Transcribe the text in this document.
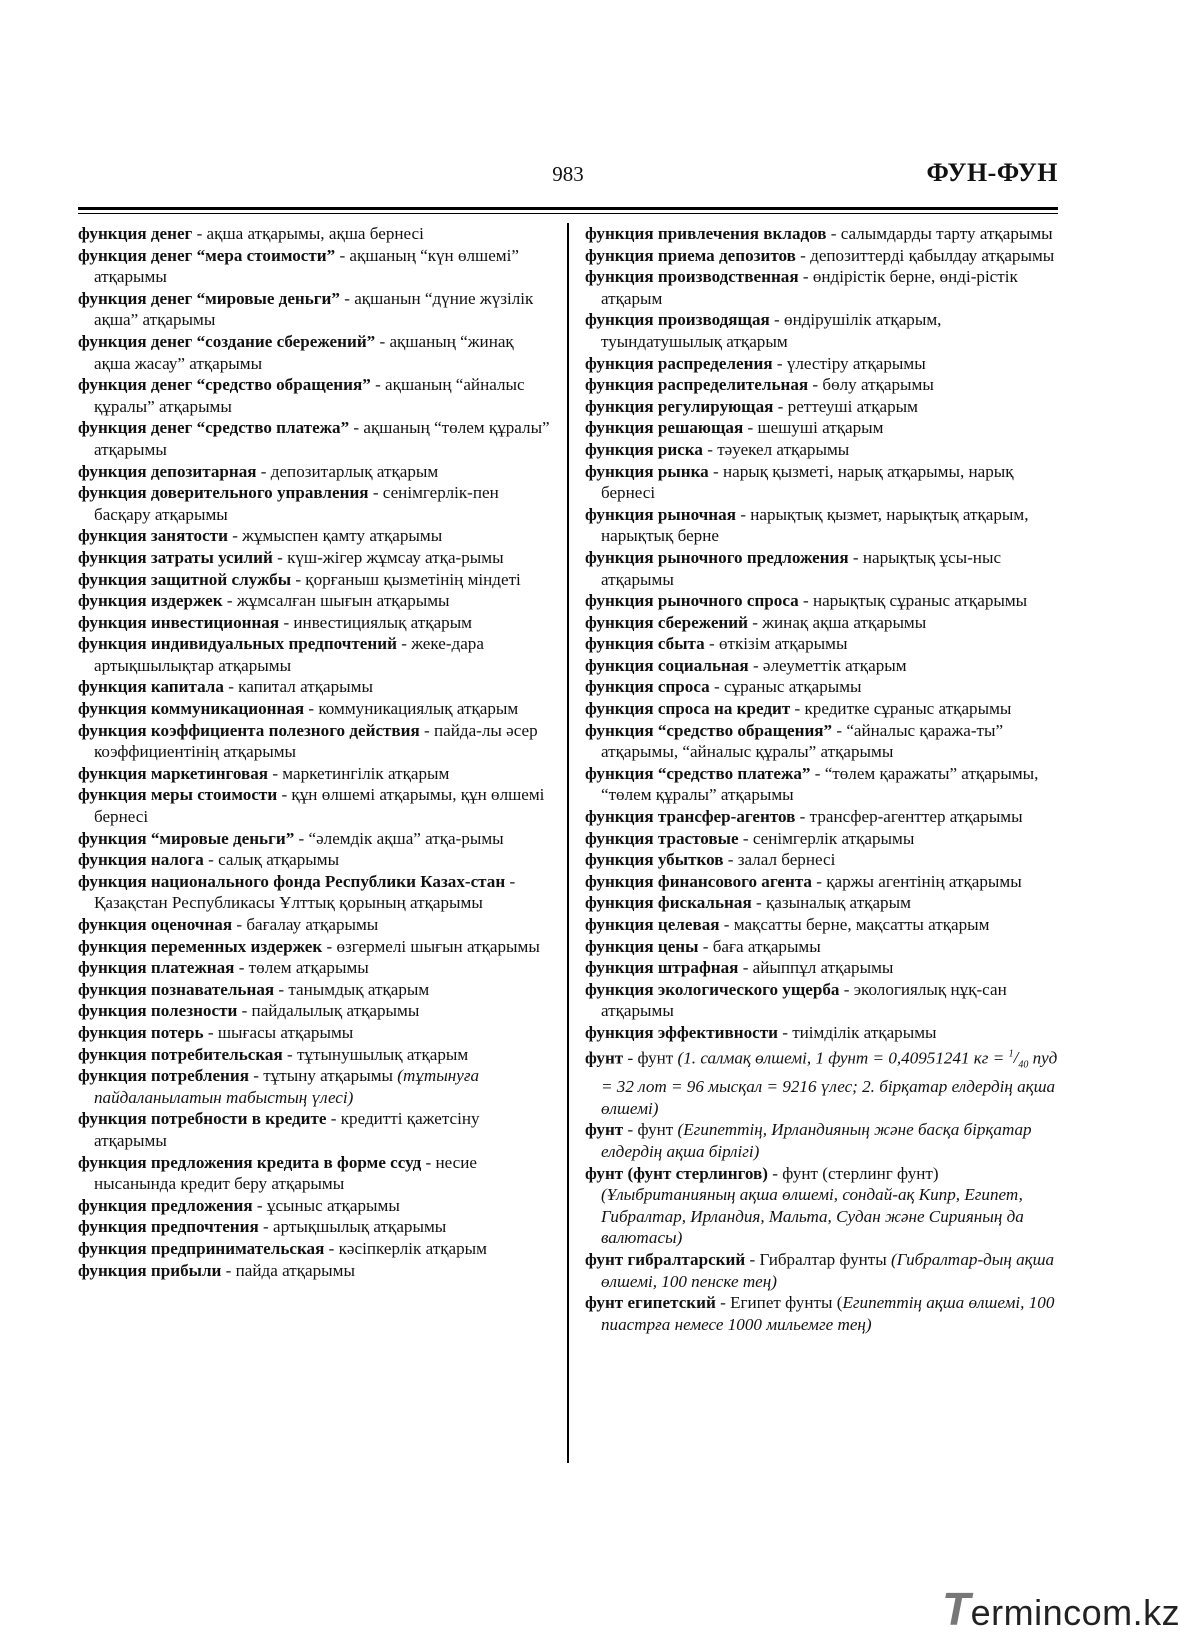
983	ФУН-ФУН

функция денег - ақша атқарымы, ақша бернесі

функция денег “мера стоимости” - ақшаның “күн өлшемі” атқарымы

функция денег “мировые деньги” - ақшанын “дүние жүзілік ақша” атқарымы

функция денег “создание сбережений” - ақшаның “жинақ ақша жасау” атқарымы

функция денег “средство обращения” - ақшаның “айналыс құралы” атқарымы

функция денег “средство платежа” - ақшаның “төлем құралы” атқарымы

функция депозитарная - депозитарлық атқарым

функция доверительного управления - сенімгерлік-пен басқару атқарымы

функция занятости - жұмыспен қамту атқарымы

функция затраты усилий - күш-жігер жұмсау атқа-рымы

функция защитной службы - қорғаныш қызметінің міндеті

функция издержек - жұмсалған шығын атқарымы

функция инвестиционная - инвестициялық атқарым

функция индивидуальных предпочтений - жеке-дара артықшылықтар атқарымы

функция капитала - капитал атқарымы

функция коммуникационная - коммуникациялық атқарым

функция коэффициента полезного действия - пайда-лы әсер коэффициентінің атқарымы

функция маркетинговая - маркетингілік атқарым

функция меры стоимости - құн өлшемі атқарымы, құн өлшемі бернесі

функция “мировые деньги” - “әлемдік ақша” атқа-рымы

функция налога - салық атқарымы

функция национального фонда Республики Казах-стан - Қазақстан Республикасы Ұлттық қорының атқарымы

функция оценочная - бағалау атқарымы

функция переменных издержек - өзгермелі шығын атқарымы

функция платежная - төлем атқарымы

функция познавательная - танымдық атқарым

функция полезности - пайдалылық атқарымы

функция потерь - шығасы атқарымы

функция потребительская - тұтынушылық атқарым

функция потребления - тұтыну атқарымы (тұтынуға пайдаланылатын табыстың үлесі)

функция потребности в кредите - кредитті қажетсіну атқарымы

функция предложения кредита в форме ссуд - несие нысанында кредит беру атқарымы

функция предложения - ұсыныс атқарымы

функция предпочтения - артықшылық атқарымы

функция предпринимательская - кәсіпкерлік атқарым

функция прибыли - пайда атқарымы

функция привлечения вкладов - салымдарды тарту атқарымы

функция приема депозитов - депозиттерді қабылдау атқарымы

функция производственная - өндірістік берне, өнді-рістік атқарым

функция производящая - өндірушілік атқарым, туындатушылық атқарым

функция распределения - үлестіру атқарымы

функция распределительная - бөлу атқарымы

функция регулирующая - реттеуші атқарым

функция решающая - шешуші атқарым

функция риска - тәуекел атқарымы

функция рынка - нарық қызметі, нарық атқарымы, нарық бернесі

функция рыночная - нарықтық қызмет, нарықтық атқарым, нарықтық берне

функция рыночного предложения - нарықтық ұсы-ныс атқарымы

функция рыночного спроса - нарықтық сұраныс атқарымы

функция сбережений - жинақ ақша атқарымы

функция сбыта - өткізім атқарымы

функция социальная - әлеуметтік атқарым

функция спроса - сұраныс атқарымы

функция спроса на кредит - кредитке сұраныс атқарымы

функция “средство обращения” - “айналыс қаража-ты” атқарымы, “айналыс құралы” атқарымы

функция “средство платежа” - “төлем қаражаты” атқарымы, “төлем құралы” атқарымы

функция трансфер-агентов - трансфер-агенттер атқарымы

функция трастовые - сенімгерлік атқарымы

функция убытков - залал бернесі

функция финансового агента - қаржы агентінің атқарымы

функция фискальная - қазыналық атқарым

функция целевая - мақсатты берне, мақсатты атқарым

функция цены - баға атқарымы

функция штрафная - айыппұл атқарымы

функция экологического ущерба - экологиялық нұқ-сан атқарымы

функция эффективности - тиімділік атқарымы

фунт - фунт (1. салмақ өлшемі, 1 фунт = 0,40951241 кг = $^1/_{40}$ пуд = 32 лот = 96 мысқал = 9216 үлес; 2. бірқатар елдердің ақша өлшемі)

фунт - фунт (Египеттің, Ирландияның және басқа бірқатар елдердің ақша бірлігі)

фунт (фунт стерлингов) - фунт (стерлинг фунт) (Ұлыбританияның ақша өлшемі, сондай-ақ Кипр, Египет, Гибралтар, Ирландия, Мальта, Судан және Сирияның да валютасы)

фунт гибралтарский - Гибралтар фунты (Гибралтар-дың ақша өлшемі, 100 пенске тең)

фунт египетский - Египет фунты (Египеттің ақша өлшемі, 100 пиастрға немесе 1000 мильемге тең)

Termincom.kz
